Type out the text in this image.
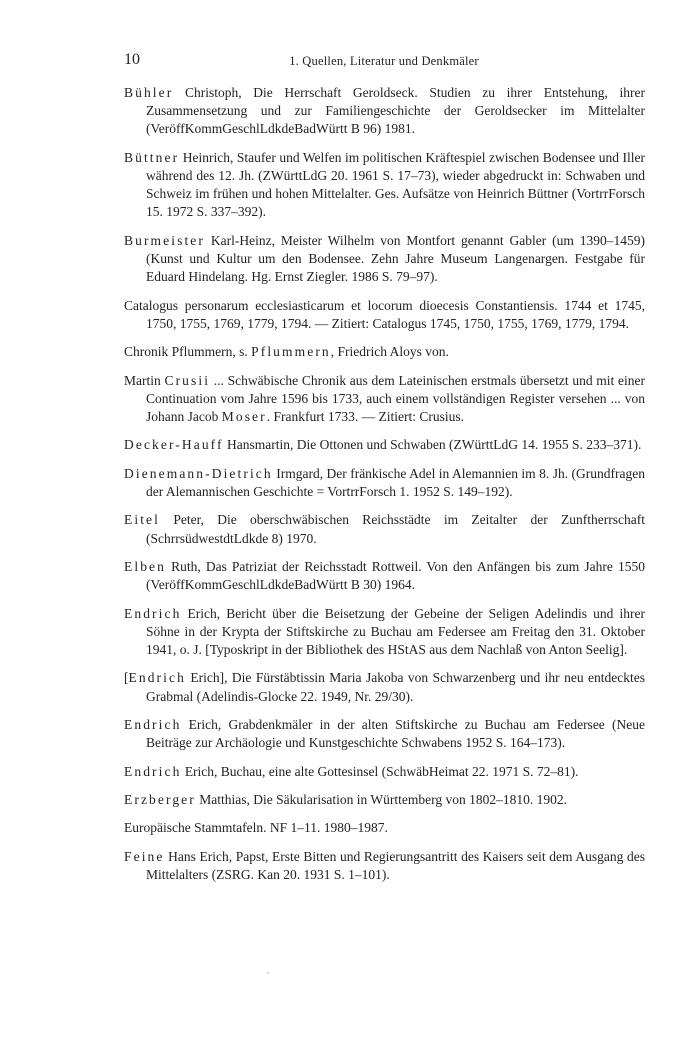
10	1. Quellen, Literatur und Denkmäler

Bühler Christoph, Die Herrschaft Geroldseck. Studien zu ihrer Entstehung, ihrer Zusammensetzung und zur Familiengeschichte der Geroldsecker im Mittelalter (VeröffKommGeschlLdkdeBadWürtt B 96) 1981.

Büttner Heinrich, Staufer und Welfen im politischen Kräftespiel zwischen Bodensee und Iller während des 12. Jh. (ZWürttLdG 20. 1961 S. 17–73), wieder abgedruckt in: Schwaben und Schweiz im frühen und hohen Mittelalter. Ges. Aufsätze von Heinrich Büttner (VortrrForsch 15. 1972 S. 337–392).

Burmeister Karl-Heinz, Meister Wilhelm von Montfort genannt Gabler (um 1390–1459) (Kunst und Kultur um den Bodensee. Zehn Jahre Museum Langenargen. Festgabe für Eduard Hindelang. Hg. Ernst Ziegler. 1986 S. 79–97).

Catalogus personarum ecclesiasticarum et locorum dioecesis Constantiensis. 1744 et 1745, 1750, 1755, 1769, 1779, 1794. — Zitiert: Catalogus 1745, 1750, 1755, 1769, 1779, 1794.

Chronik Pflummern, s. Pflummern, Friedrich Aloys von.

Martin Crusii ... Schwäbische Chronik aus dem Lateinischen erstmals übersetzt und mit einer Continuation vom Jahre 1596 bis 1733, auch einem vollständigen Register versehen ... von Johann Jacob Moser. Frankfurt 1733. — Zitiert: Crusius.

Decker-Hauff Hansmartin, Die Ottonen und Schwaben (ZWürttLdG 14. 1955 S. 233–371).

Dienemann-Dietrich Irmgard, Der fränkische Adel in Alemannien im 8. Jh. (Grundfragen der Alemannischen Geschichte = VortrrForsch 1. 1952 S. 149–192).

Eitel Peter, Die oberschwäbischen Reichsstädte im Zeitalter der Zunftherrschaft (SchrrsüdwestdtLdkde 8) 1970.

Elben Ruth, Das Patriziat der Reichsstadt Rottweil. Von den Anfängen bis zum Jahre 1550 (VeröffKommGeschlLdkdeBadWürtt B 30) 1964.

Endrich Erich, Bericht über die Beisetzung der Gebeine der Seligen Adelindis und ihrer Söhne in der Krypta der Stiftskirche zu Buchau am Federsee am Freitag den 31. Oktober 1941, o. J. [Typoskript in der Bibliothek des HStAS aus dem Nachlaß von Anton Seelig].

[Endrich Erich], Die Fürstäbtissin Maria Jakoba von Schwarzenberg und ihr neu entdecktes Grabmal (Adelindis-Glocke 22. 1949, Nr. 29/30).

Endrich Erich, Grabdenkmäler in der alten Stiftskirche zu Buchau am Federsee (Neue Beiträge zur Archäologie und Kunstgeschichte Schwabens 1952 S. 164–173).

Endrich Erich, Buchau, eine alte Gottesinsel (SchwäbHeimat 22. 1971 S. 72–81).

Erzberger Matthias, Die Säkularisation in Württemberg von 1802–1810. 1902.

Europäische Stammtafeln. NF 1–11. 1980–1987.

Feine Hans Erich, Papst, Erste Bitten und Regierungsantritt des Kaisers seit dem Ausgang des Mittelalters (ZSRG. Kan 20. 1931 S. 1–101).
